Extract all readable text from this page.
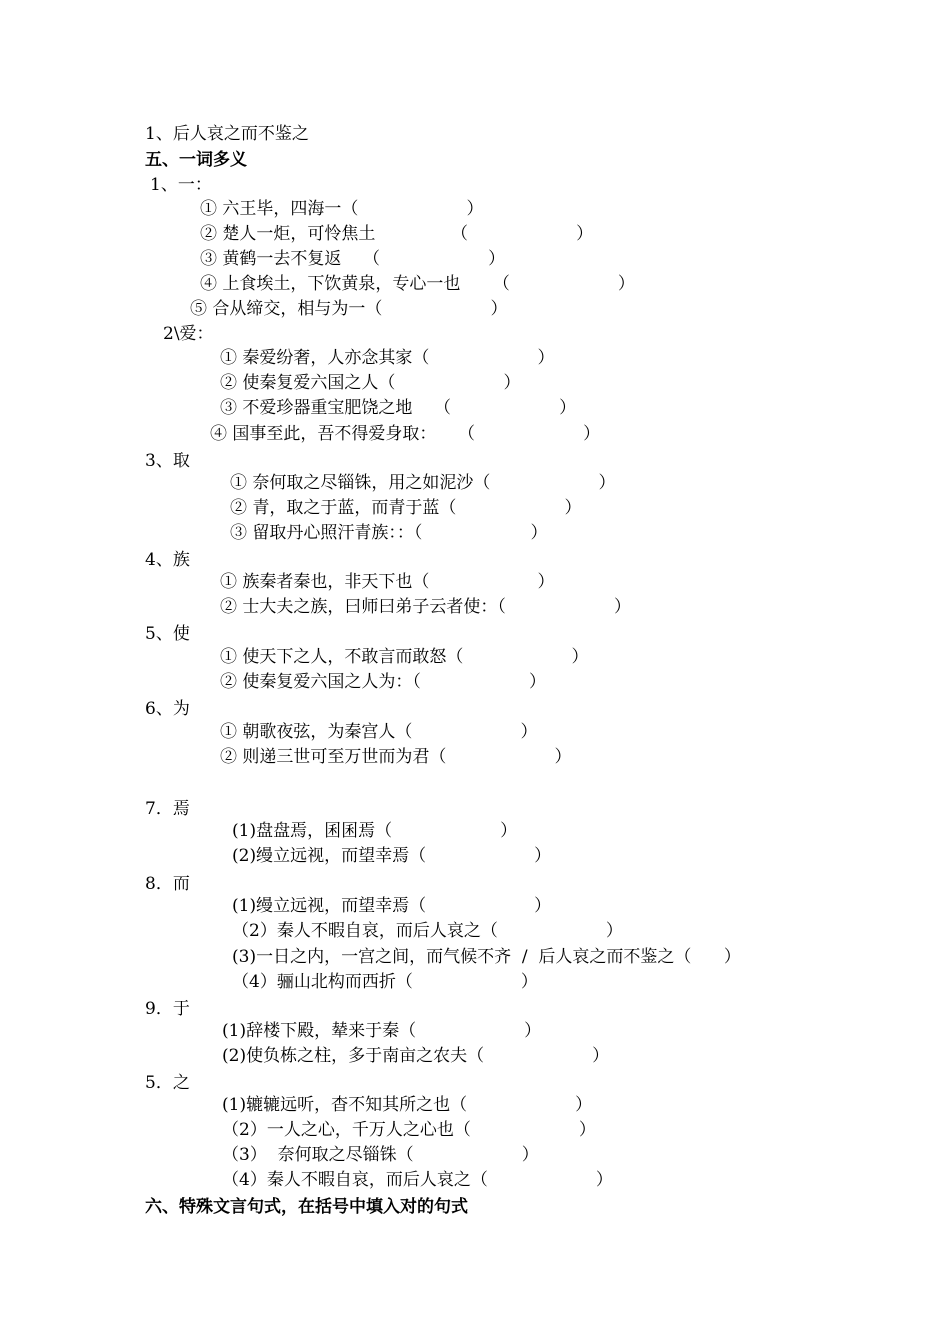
1、后人哀之而不鉴之
五、一词多义
1、一：
① 六王毕，四海一（                    ）
② 楚人一炬，可怜焦土              （                    ）
③ 黄鹤一去不复返    （                    ）
④ 上食埃土，下饮黄泉，专心一也      （                    ）
⑤ 合从缔交，相与为一（                    ）
2\爱：
① 秦爱纷奢，人亦念其家（                    ）
② 使秦复爱六国之人（                    ）
③ 不爱珍器重宝肥饶之地    （                    ）
④ 国事至此，吾不得爱身取：    （                    ）
3、取
① 奈何取之尽锱铢，用之如泥沙（                    ）
② 青，取之于蓝，而青于蓝（                    ）
③ 留取丹心照汗青族：：（                    ）
4、族
① 族秦者秦也，非天下也（                    ）
② 士大夫之族，曰师曰弟子云者使：（                    ）
5、使
① 使天下之人，不敢言而敢怒（                    ）
② 使秦复爱六国之人为：（                    ）
6、为
① 朝歌夜弦，为秦宫人（                    ）
② 则递三世可至万世而为君（                    ）
7．焉
(1)盘盘焉，囷囷焉（                    ）
(2)缦立远视，而望幸焉（                    ）
8．而
(1)缦立远视，而望幸焉（                    ）
（2）秦人不暇自哀，而后人哀之（                    ）
(3)一日之内，一宫之间，而气候不齐  /  后人哀之而不鉴之（      ）
（4）骊山北构而西折（                    ）
9．于
(1)辞楼下殿，辇来于秦（                    ）
(2)使负栋之柱，多于南亩之农夫（                    ）
5．之
(1)辘辘远听，杳不知其所之也（                    ）
（2）一人之心，千万人之心也（                    ）
（3）  奈何取之尽锱铢（                    ）
（4）秦人不暇自哀，而后人哀之（                    ）
六、特殊文言句式，在括号中填入对的句式
